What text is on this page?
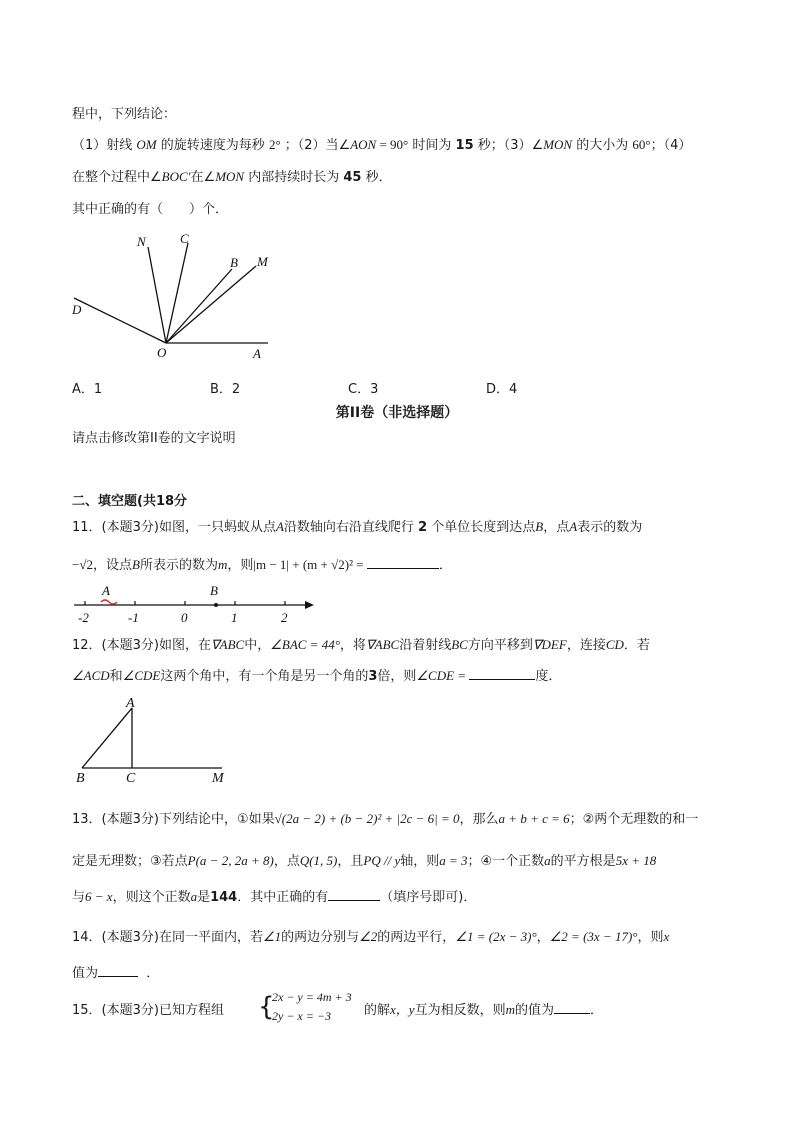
程中，下列结论：
（1）射线 OM 的旋转速度为每秒 2° ；（2）当∠AON = 90° 时间为 15 秒；（3）∠MON 的大小为 60°；（4）
在整个过程中∠BOC′在∠MON 内部持续时长为 45 秒．
其中正确的有（　　）个．
N	C
B M
D
O	A
A．1	B．2	C．3	D．4
第II卷（非选择题）
请点击修改第II卷的文字说明
二、填空题(共18分
11．(本题3分)如图，一只蚂蚁从点A沿数轴向右沿直线爬行 2 个单位长度到达点B，点A表示的数为
−√2，设点B所表示的数为m，则|m − 1| + (m + √2)² =	．
A	B
-2	-1	0	1	2
12．(本题3分)如图，在∇ABC中，∠BAC = 44°，将∇ABC沿着射线BC方向平移到∇DEF，连接CD．若
∠ACD和∠CDE这两个角中，有一个角是另一个角的3倍，则∠CDE =	度．
A
B	C	M
13．(本题3分)下列结论中，①如果√(2a − 2) + (b − 2)² + |2c − 6| = 0，那么a + b + c = 6；②两个无理数的和一
定是无理数；③若点P(a − 2, 2a + 8)，点Q(1, 5)，且PQ // y轴，则a = 3；④一个正数a的平方根是5x + 18
与6 − x，则这个正数a是144．其中正确的有	（填序号即可)．
14．(本题3分)在同一平面内，若∠1的两边分别与∠2的两边平行，∠1 = (2x − 3)°，∠2 = (3x − 17)°，则x
值为	．
15．(本题3分)已知方程组 {
2x − y = 4m + 3
2y − x = −3	的解x，y互为相反数，则m的值为	．
